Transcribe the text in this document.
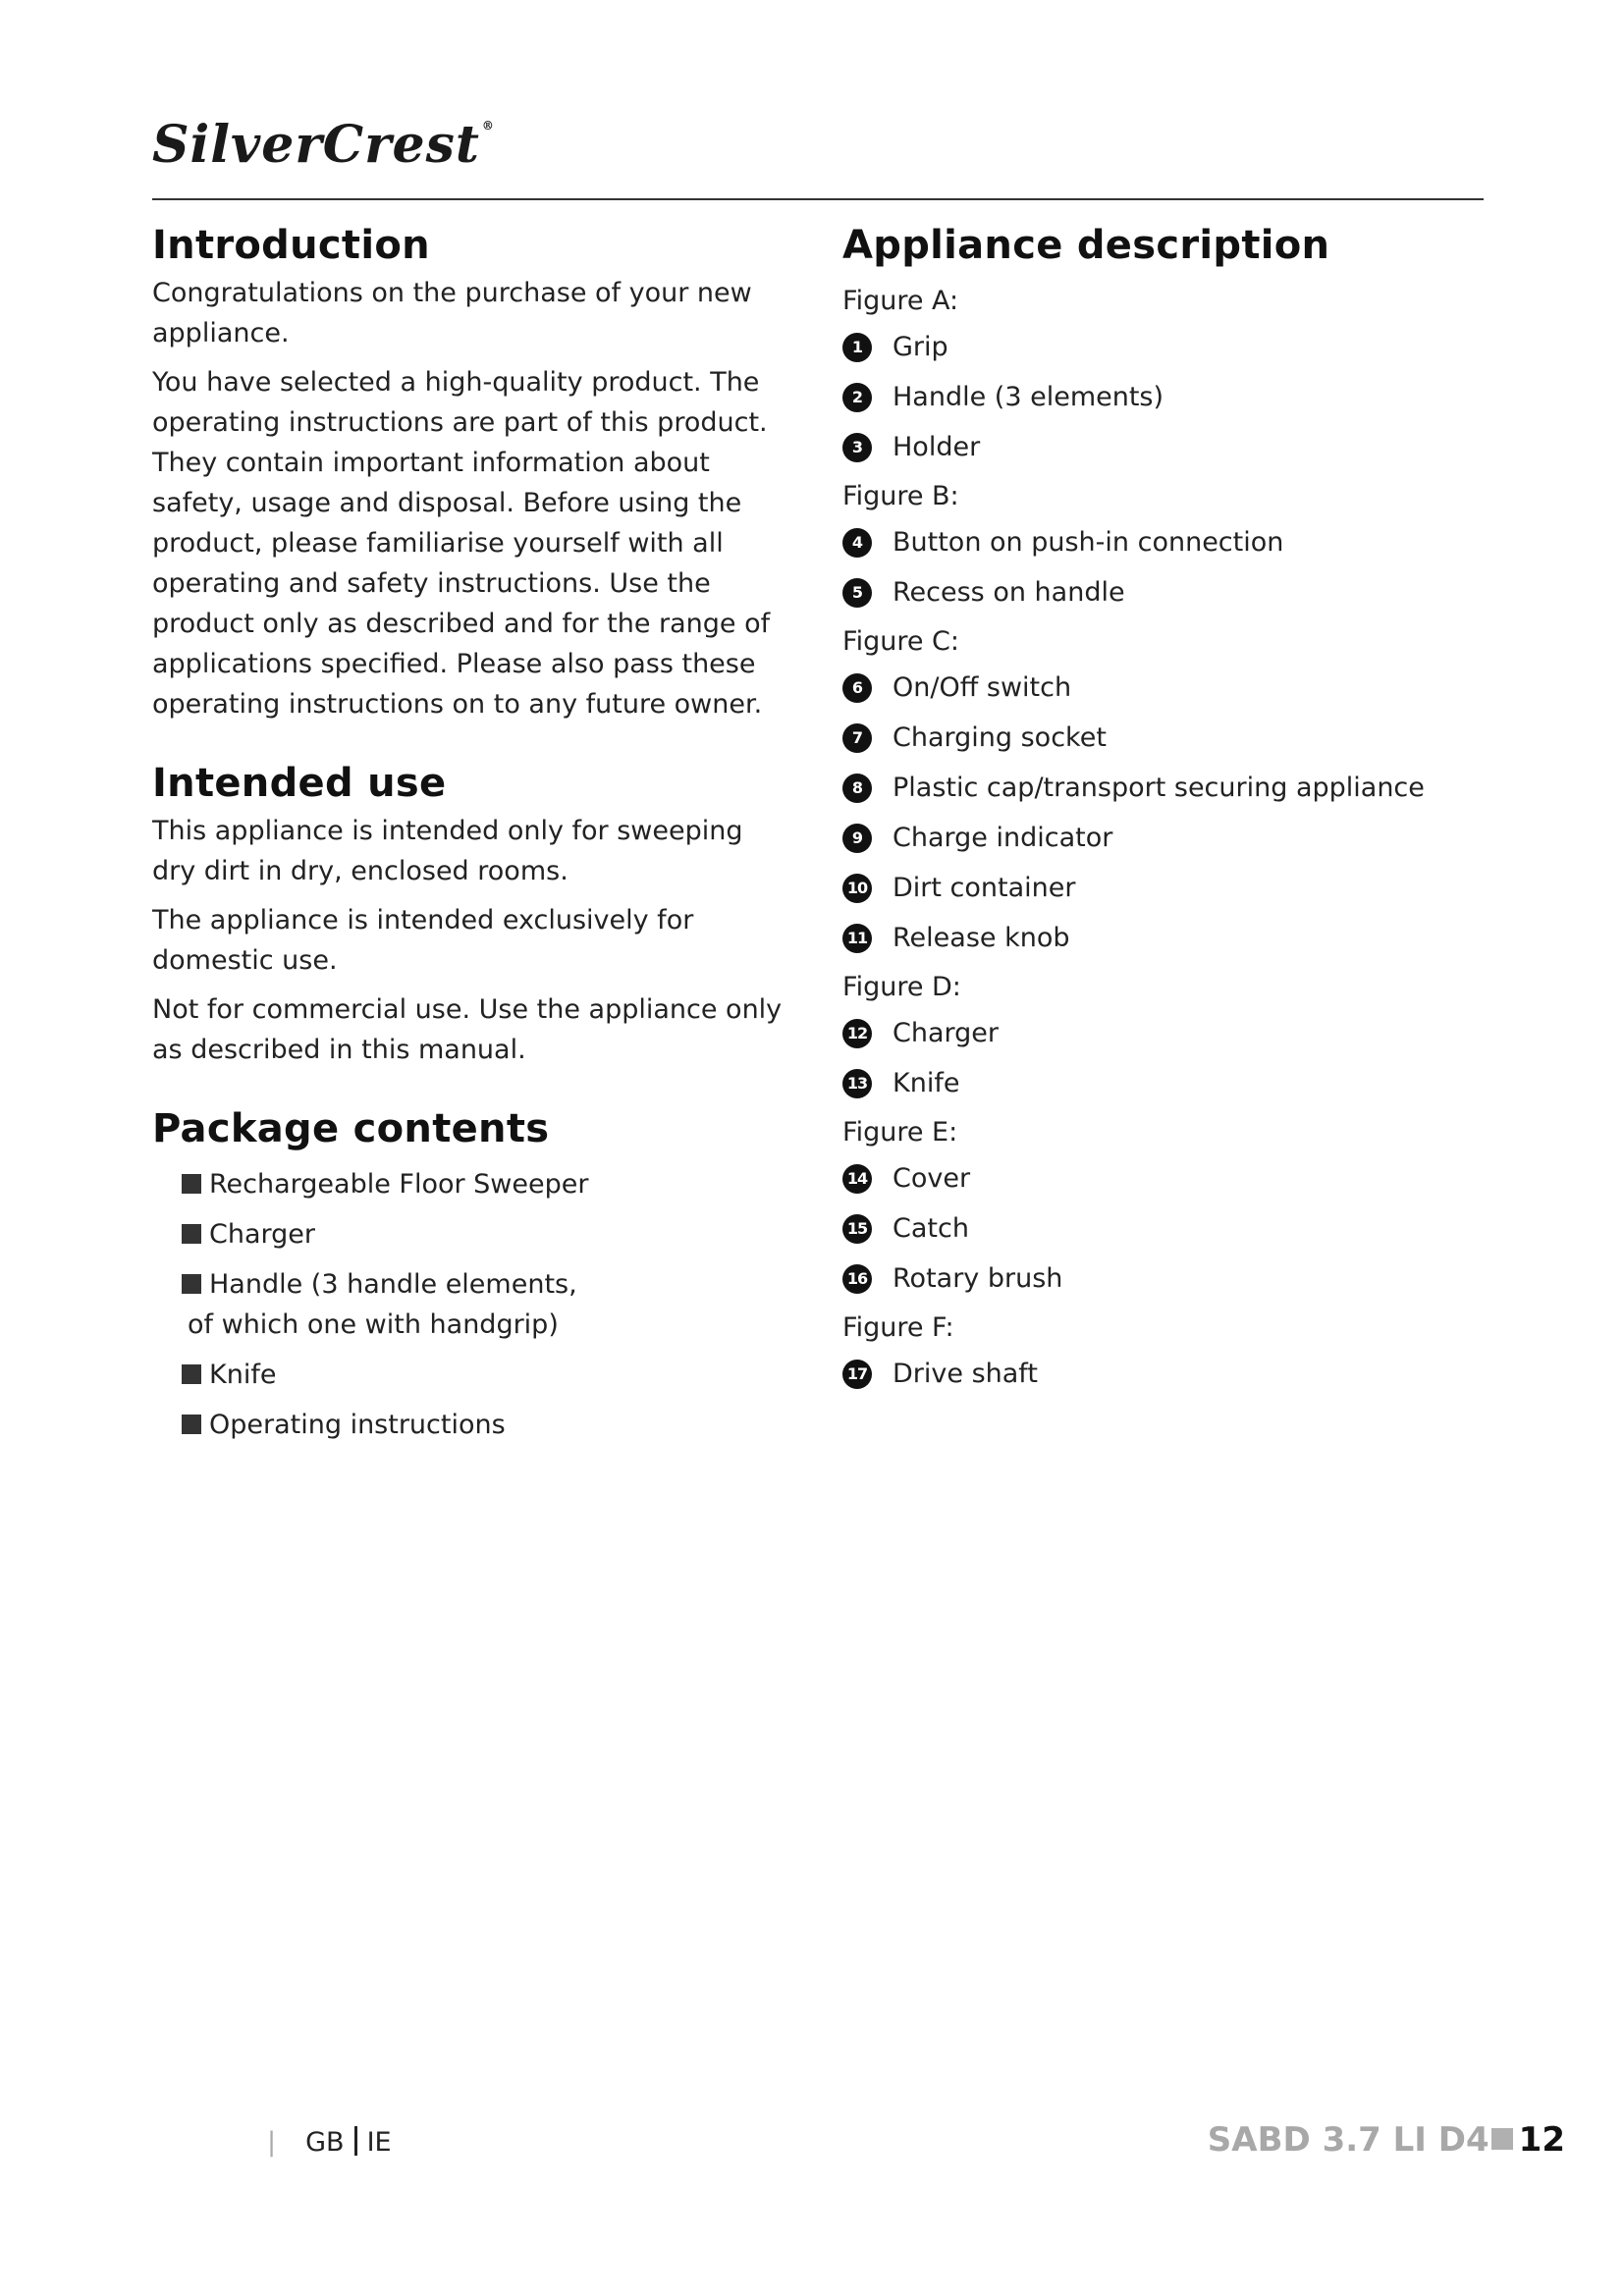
SilverCrest ®
Introduction

Congratulations on the purchase of your new appliance.

You have selected a high-quality product. The operating instructions are part of this product. They contain important information about safety, usage and disposal. Before using the product, please familiarise yourself with all operating and safety instructions. Use the product only as described and for the range of applications specified. Please also pass these operating instructions on to any future owner.

Intended use

This appliance is intended only for sweeping dry dirt in dry, enclosed rooms.

The appliance is intended exclusively for domestic use.

Not for commercial use. Use the appliance only as described in this manual.

Package contents
Rechargeable Floor Sweeper
Charger
Handle (3 handle elements,
of which one with handgrip)
Knife
Operating instructions
Appliance description
Figure A:
1	Grip
2	Handle (3 elements)
3	Holder
Figure B:
4	Button on push-in connection
5	Recess on handle
Figure C:
6	On/Off switch
7	Charging socket
8	Plastic cap/transport securing appliance
9	Charge indicator
10 Dirt container
11 Release knob
Figure D:
12 Charger
13 Knife
Figure E:
14 Cover
15 Catch
16 Rotary brush
Figure F:
17 Drive shaft
| GB IE	SABD 3.7 LI D4 12
